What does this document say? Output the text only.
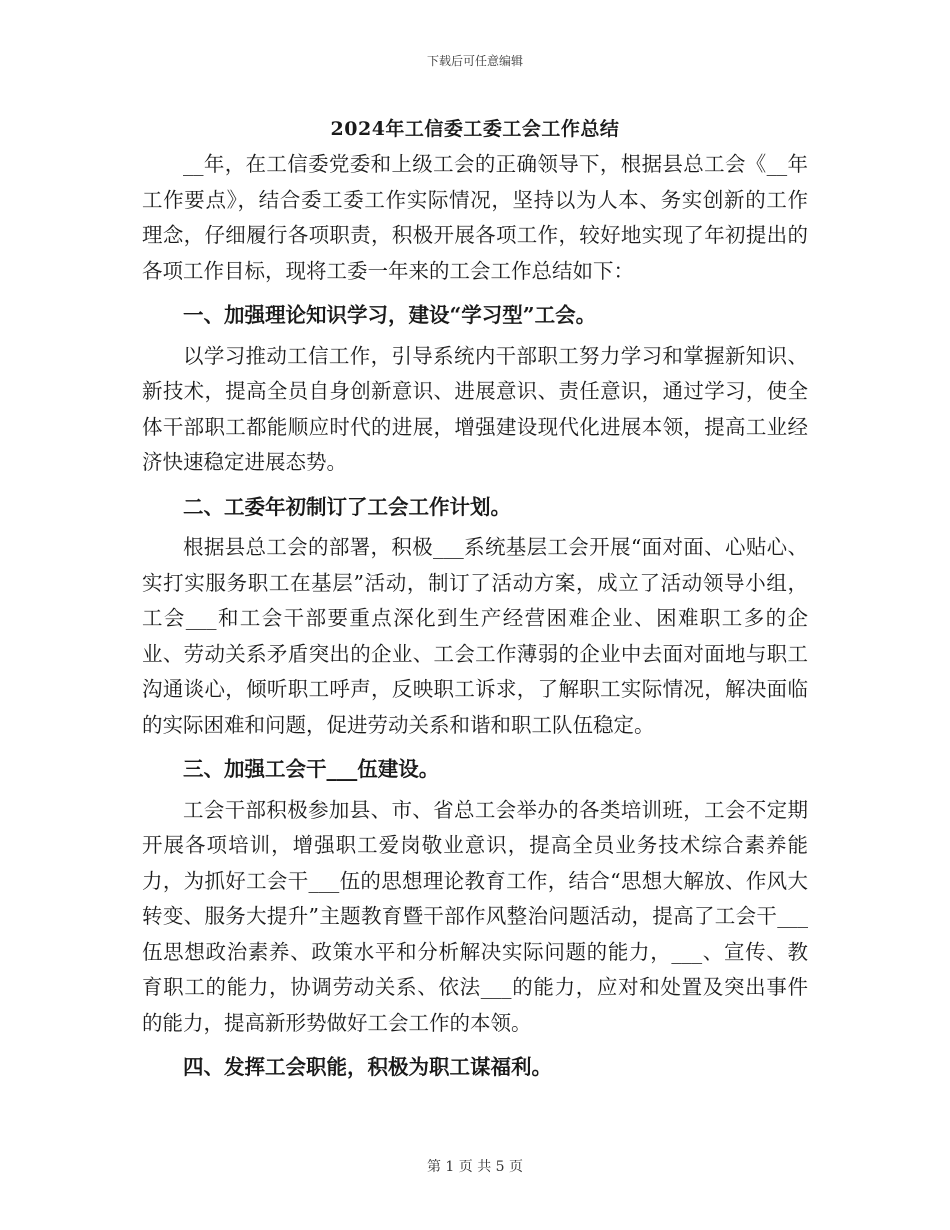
下载后可任意编辑
2024年工信委工委工会工作总结

__年，在工信委党委和上级工会的正确领导下，根据县总工会《__年工作要点》，结合委工委工作实际情况，坚持以为人本、务实创新的工作理念，仔细履行各项职责，积极开展各项工作，较好地实现了年初提出的各项工作目标，现将工委一年来的工会工作总结如下：

一、加强理论知识学习，建设“学习型”工会。

以学习推动工信工作，引导系统内干部职工努力学习和掌握新知识、新技术，提高全员自身创新意识、进展意识、责任意识，通过学习，使全体干部职工都能顺应时代的进展，增强建设现代化进展本领，提高工业经济快速稳定进展态势。

二、工委年初制订了工会工作计划。

根据县总工会的部署，积极___系统基层工会开展“面对面、心贴心、实打实服务职工在基层”活动，制订了活动方案，成立了活动领导小组，工会___和工会干部要重点深化到生产经营困难企业、困难职工多的企业、劳动关系矛盾突出的企业、工会工作薄弱的企业中去面对面地与职工沟通谈心，倾听职工呼声，反映职工诉求，了解职工实际情况，解决面临的实际困难和问题，促进劳动关系和谐和职工队伍稳定。

三、加强工会干___伍建设。

工会干部积极参加县、市、省总工会举办的各类培训班，工会不定期开展各项培训，增强职工爱岗敬业意识，提高全员业务技术综合素养能力，为抓好工会干___伍的思想理论教育工作，结合“思想大解放、作风大转变、服务大提升”主题教育暨干部作风整治问题活动，提高了工会干___伍思想政治素养、政策水平和分析解决实际问题的能力，___、宣传、教育职工的能力，协调劳动关系、依法___的能力，应对和处置及突出事件的能力，提高新形势做好工会工作的本领。

四、发挥工会职能，积极为职工谋福利。

第 1 页 共 5 页
